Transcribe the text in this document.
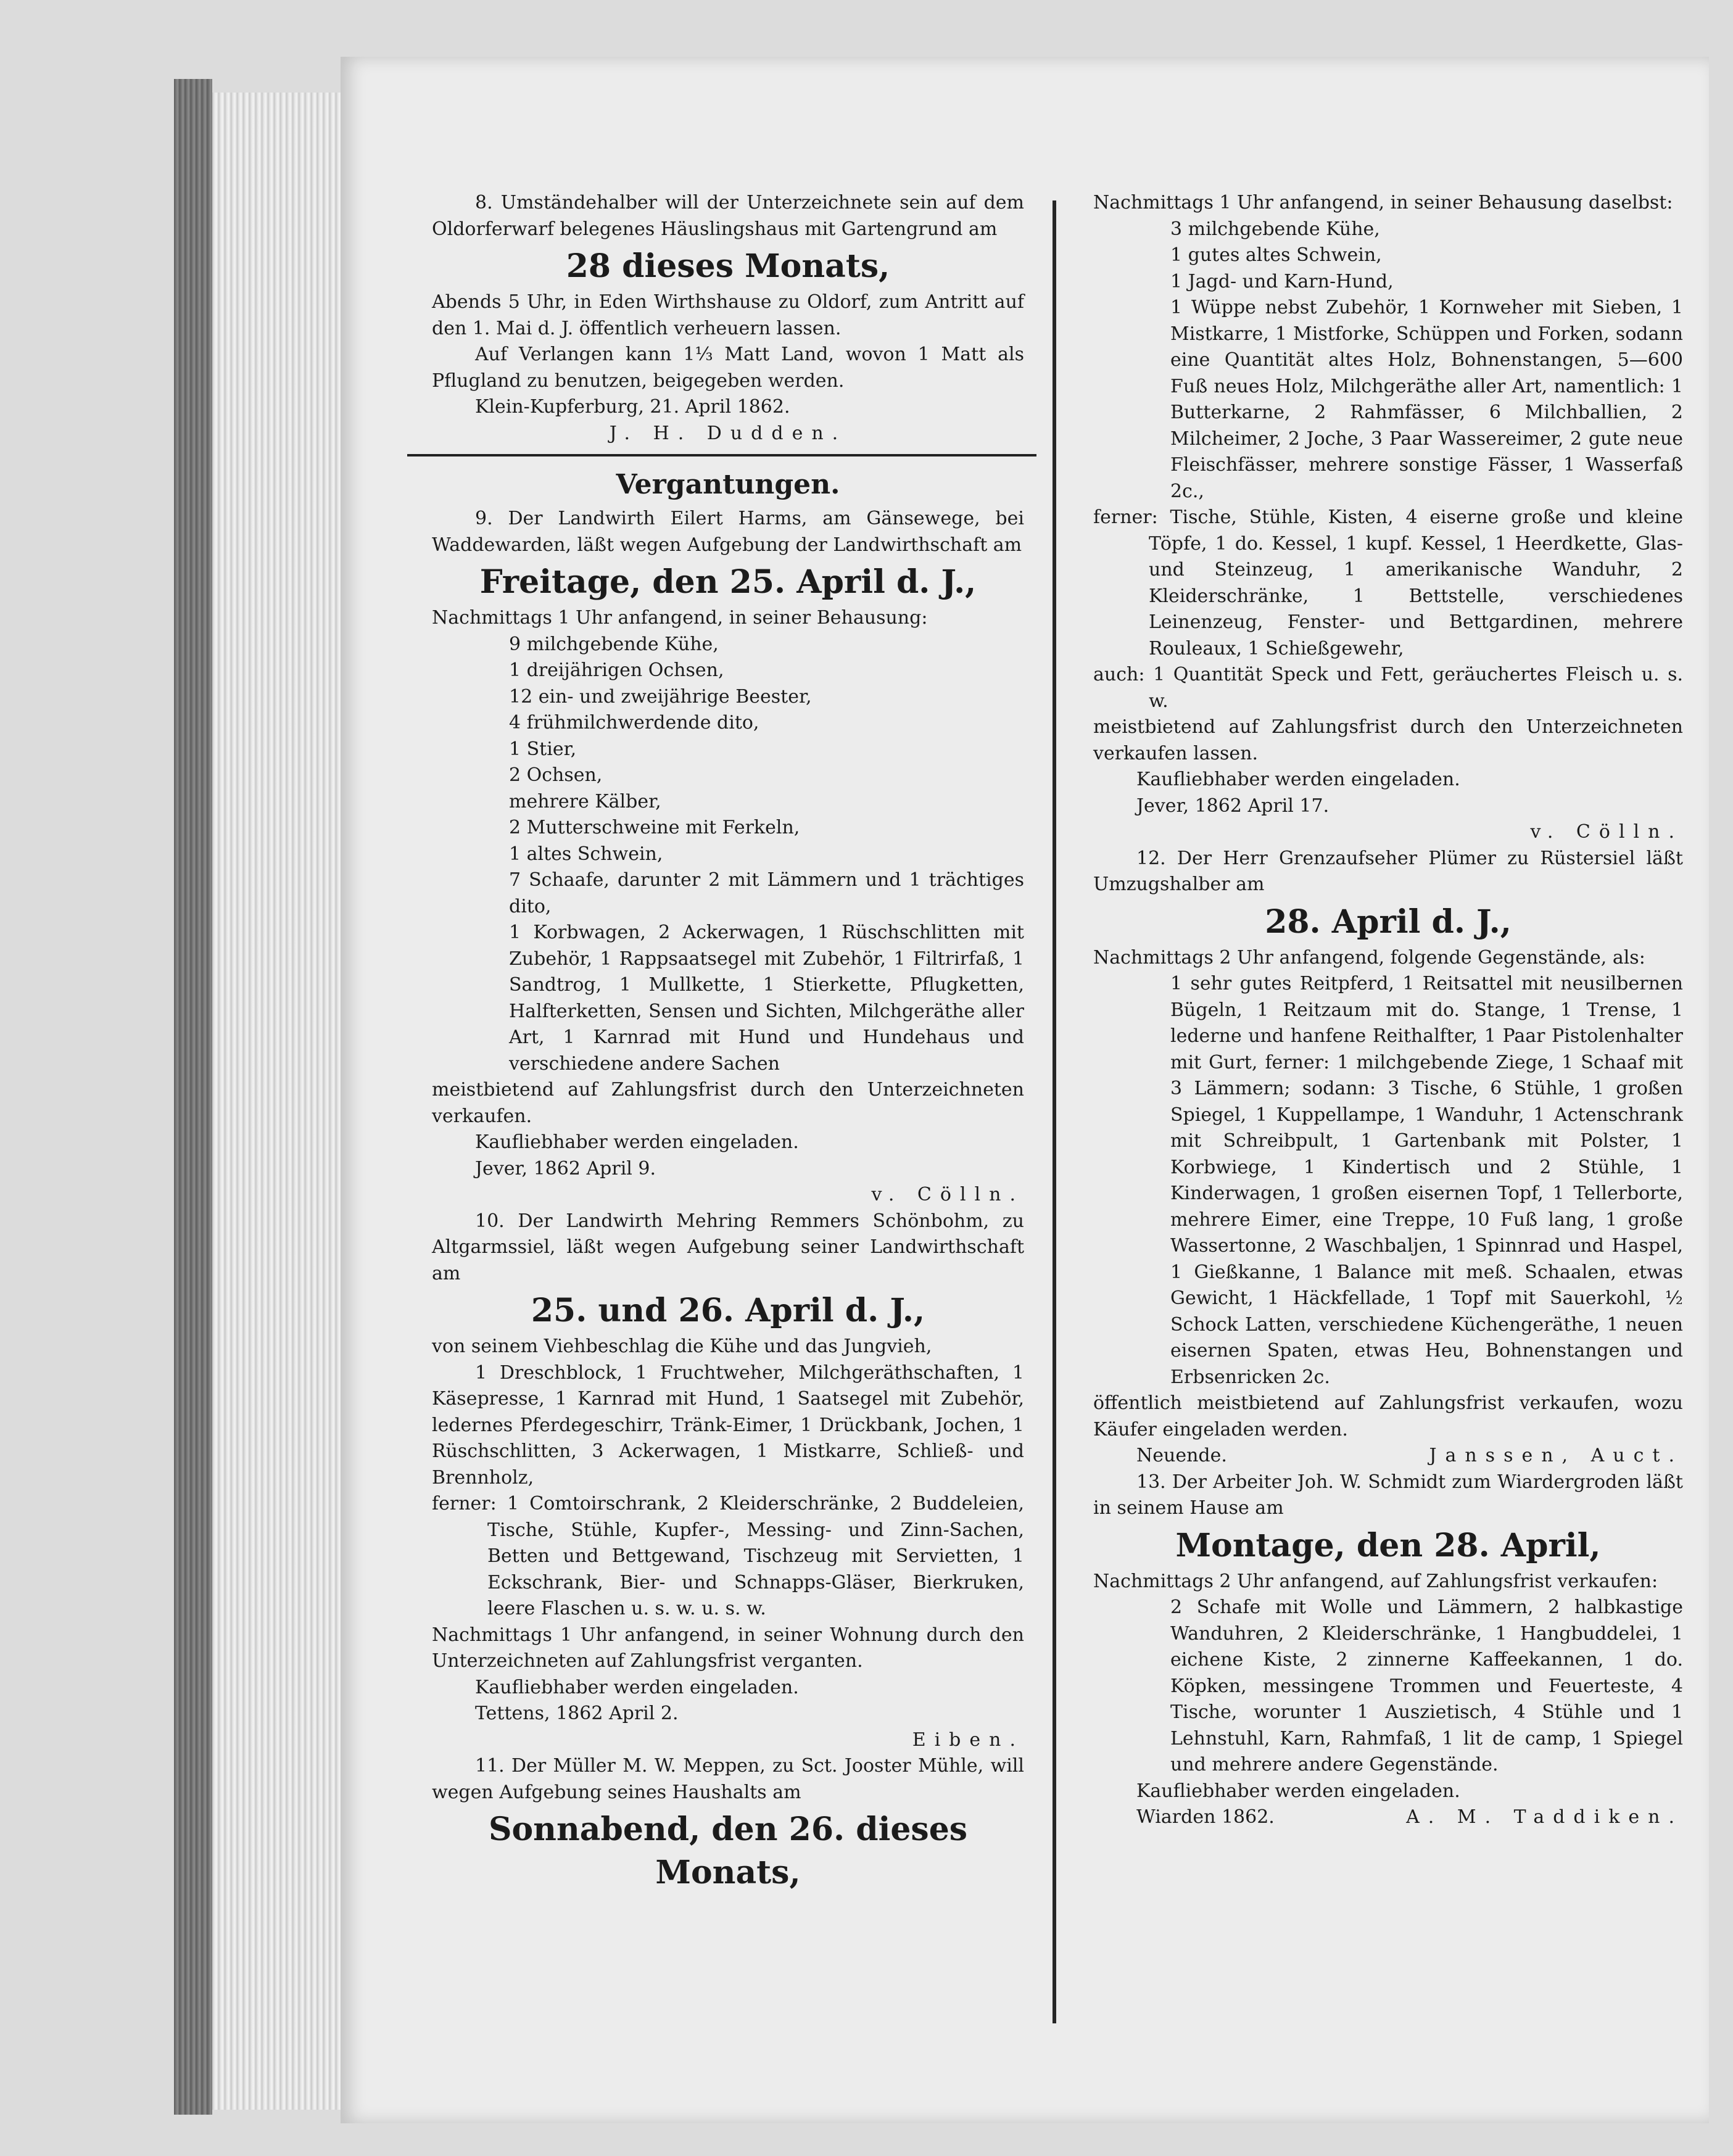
8. Umständehalber will der Unterzeichnete sein auf dem Oldorferwarf belegenes Häuslingshaus mit Gartengrund am

28 dieses Monats,

Abends 5 Uhr, in Eden Wirthshause zu Oldorf, zum Antritt auf den 1. Mai d. J. öffentlich verheuern lassen.

Auf Verlangen kann 1⅓ Matt Land, wovon 1 Matt als Pflugland zu benutzen, beigegeben werden.

Klein-Kupferburg, 21. April 1862.

J. H. Dudden.

Vergantungen.

9. Der Landwirth Eilert Harms, am Gänsewege, bei Waddewarden, läßt wegen Aufgebung der Landwirthschaft am

Freitage, den 25. April d. J.,

Nachmittags 1 Uhr anfangend, in seiner Behausung:

9 milchgebende Kühe,

1 dreijährigen Ochsen,

12 ein- und zweijährige Beester,

4 frühmilchwerdende dito,

1 Stier,

2 Ochsen,

mehrere Kälber,

2 Mutterschweine mit Ferkeln,

1 altes Schwein,

7 Schaafe, darunter 2 mit Lämmern und 1 trächtiges dito,

1 Korbwagen, 2 Ackerwagen, 1 Rüschschlitten mit Zubehör, 1 Rappsaatsegel mit Zubehör, 1 Filtrirfaß, 1 Sandtrog, 1 Mullkette, 1 Stierkette, Pflugketten, Halfterketten, Sensen und Sichten, Milchgeräthe aller Art, 1 Karnrad mit Hund und Hundehaus und verschiedene andere Sachen

meistbietend auf Zahlungsfrist durch den Unterzeichneten verkaufen.

Kaufliebhaber werden eingeladen.

Jever, 1862 April 9.

v. Cölln.

10. Der Landwirth Mehring Remmers Schönbohm, zu Altgarmssiel, läßt wegen Aufgebung seiner Landwirthschaft am

25. und 26. April d. J.,

von seinem Viehbeschlag die Kühe und das Jungvieh,

1 Dreschblock, 1 Fruchtweher, Milchgeräthschaften, 1 Käsepresse, 1 Karnrad mit Hund, 1 Saatsegel mit Zubehör, ledernes Pferdegeschirr, Tränk-Eimer, 1 Drückbank, Jochen, 1 Rüschschlitten, 3 Ackerwagen, 1 Mistkarre, Schließ- und Brennholz,

ferner: 1 Comtoirschrank, 2 Kleiderschränke, 2 Buddeleien, Tische, Stühle, Kupfer-, Messing- und Zinn-Sachen, Betten und Bettgewand, Tischzeug mit Servietten, 1 Eckschrank, Bier- und Schnapps-Gläser, Bierkruken, leere Flaschen u. s. w. u. s. w.

Nachmittags 1 Uhr anfangend, in seiner Wohnung durch den Unterzeichneten auf Zahlungsfrist verganten.

Kaufliebhaber werden eingeladen.

Tettens, 1862 April 2.

Eiben.

11. Der Müller M. W. Meppen, zu Sct. Jooster Mühle, will wegen Aufgebung seines Haushalts am

Sonnabend, den 26. dieses Monats,

Nachmittags 1 Uhr anfangend, in seiner Behausung daselbst:

3 milchgebende Kühe,

1 gutes altes Schwein,

1 Jagd- und Karn-Hund,

1 Wüppe nebst Zubehör, 1 Kornweher mit Sieben, 1 Mistkarre, 1 Mistforke, Schüppen und Forken, sodann eine Quantität altes Holz, Bohnenstangen, 5—600 Fuß neues Holz, Milchgeräthe aller Art, namentlich: 1 Butterkarne, 2 Rahmfässer, 6 Milchballien, 2 Milcheimer, 2 Joche, 3 Paar Wassereimer, 2 gute neue Fleischfässer, mehrere sonstige Fässer, 1 Wasserfaß 2c.,

ferner: Tische, Stühle, Kisten, 4 eiserne große und kleine Töpfe, 1 do. Kessel, 1 kupf. Kessel, 1 Heerdkette, Glas- und Steinzeug, 1 amerikanische Wanduhr, 2 Kleiderschränke, 1 Bettstelle, verschiedenes Leinenzeug, Fenster- und Bettgardinen, mehrere Rouleaux, 1 Schießgewehr,

auch: 1 Quantität Speck und Fett, geräuchertes Fleisch u. s. w.

meistbietend auf Zahlungsfrist durch den Unterzeichneten verkaufen lassen.

Kaufliebhaber werden eingeladen.

Jever, 1862 April 17.

v. Cölln.

12. Der Herr Grenzaufseher Plümer zu Rüstersiel läßt Umzugshalber am

28. April d. J.,

Nachmittags 2 Uhr anfangend, folgende Gegenstände, als:

1 sehr gutes Reitpferd, 1 Reitsattel mit neusilbernen Bügeln, 1 Reitzaum mit do. Stange, 1 Trense, 1 lederne und hanfene Reithalfter, 1 Paar Pistolenhalter mit Gurt, ferner: 1 milchgebende Ziege, 1 Schaaf mit 3 Lämmern; sodann: 3 Tische, 6 Stühle, 1 großen Spiegel, 1 Kuppellampe, 1 Wanduhr, 1 Actenschrank mit Schreibpult, 1 Gartenbank mit Polster, 1 Korbwiege, 1 Kindertisch und 2 Stühle, 1 Kinderwagen, 1 großen eisernen Topf, 1 Tellerborte, mehrere Eimer, eine Treppe, 10 Fuß lang, 1 große Wassertonne, 2 Waschbaljen, 1 Spinnrad und Haspel, 1 Gießkanne, 1 Balance mit meß. Schaalen, etwas Gewicht, 1 Häckfellade, 1 Topf mit Sauerkohl, ½ Schock Latten, verschiedene Küchengeräthe, 1 neuen eisernen Spaten, etwas Heu, Bohnenstangen und Erbsenricken 2c.

öffentlich meistbietend auf Zahlungsfrist verkaufen, wozu Käufer eingeladen werden.

Neuende.	Janssen, Auct.

13. Der Arbeiter Joh. W. Schmidt zum Wiardergroden läßt in seinem Hause am

Montage, den 28. April,

Nachmittags 2 Uhr anfangend, auf Zahlungsfrist verkaufen:

2 Schafe mit Wolle und Lämmern, 2 halbkastige Wanduhren, 2 Kleiderschränke, 1 Hangbuddelei, 1 eichene Kiste, 2 zinnerne Kaffeekannen, 1 do. Köpken, messingene Trommen und Feuerteste, 4 Tische, worunter 1 Auszietisch, 4 Stühle und 1 Lehnstuhl, Karn, Rahmfaß, 1 lit de camp, 1 Spiegel und mehrere andere Gegenstände.

Kaufliebhaber werden eingeladen.

Wiarden 1862.	A. M. Taddiken.
